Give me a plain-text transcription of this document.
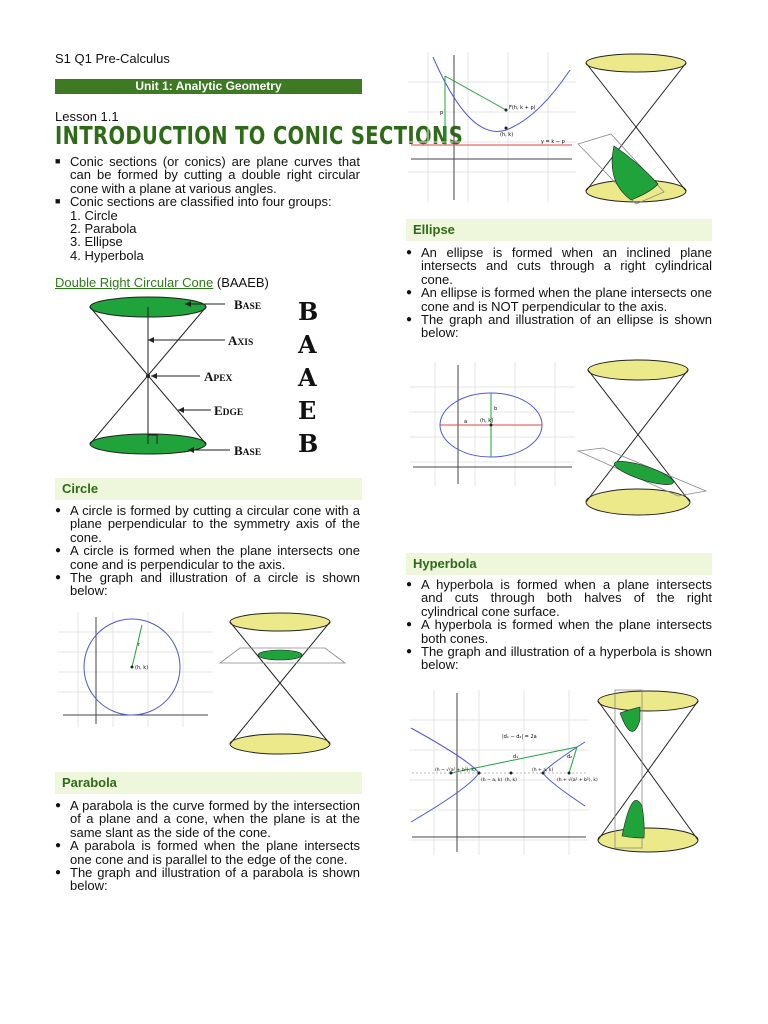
S1 Q1 Pre-Calculus
Unit 1: Analytic Geometry
Lesson 1.1
INTRODUCTION TO CONIC SECTIONS
■ Conic sections (or conics) are plane curves that can be formed by cutting a double right circular cone with a plane at various angles.
■ Conic sections are classified into four groups:
1. Circle
2. Parabola
3. Ellipse
4. Hyperbola
Double Right Circular Cone (BAAEB)
BASE
AXIS
APEX
EDGE
BASE
B
A
A
E
B
Circle
● A circle is formed by cutting a circular cone with a plane perpendicular to the symmetry axis of the cone.
● A circle is formed when the plane intersects one cone and is perpendicular to the axis.
● The graph and illustration of a circle is shown below:
(h, k)
r
Parabola
● A parabola is the curve formed by the intersection of a plane and a cone, when the plane is at the same slant as the side of the cone.
● A parabola is formed when the plane intersects one cone and is parallel to the edge of the cone.
● The graph and illustration of a parabola is shown below:
F(h, k + p)
(h, k)
y = k − p
p
Ellipse
● An ellipse is formed when an inclined plane intersects and cuts through a right cylindrical cone.
● An ellipse is formed when the plane intersects one cone and is NOT perpendicular to the axis.
● The graph and illustration of an ellipse is shown below:
(h, k)
a
b
Hyperbola
● A hyperbola is formed when a plane intersects and cuts through both halves of the right cylindrical cone surface.
● A hyperbola is formed when the plane intersects both cones.
● The graph and illustration of a hyperbola is shown below:
|d₁ − d₂| = 2a
(h − √(a² + b²), k)
(h − a, k) (h, k)
(h + a, k)
(h + √(a² + b²), k)
d₁	d₂
